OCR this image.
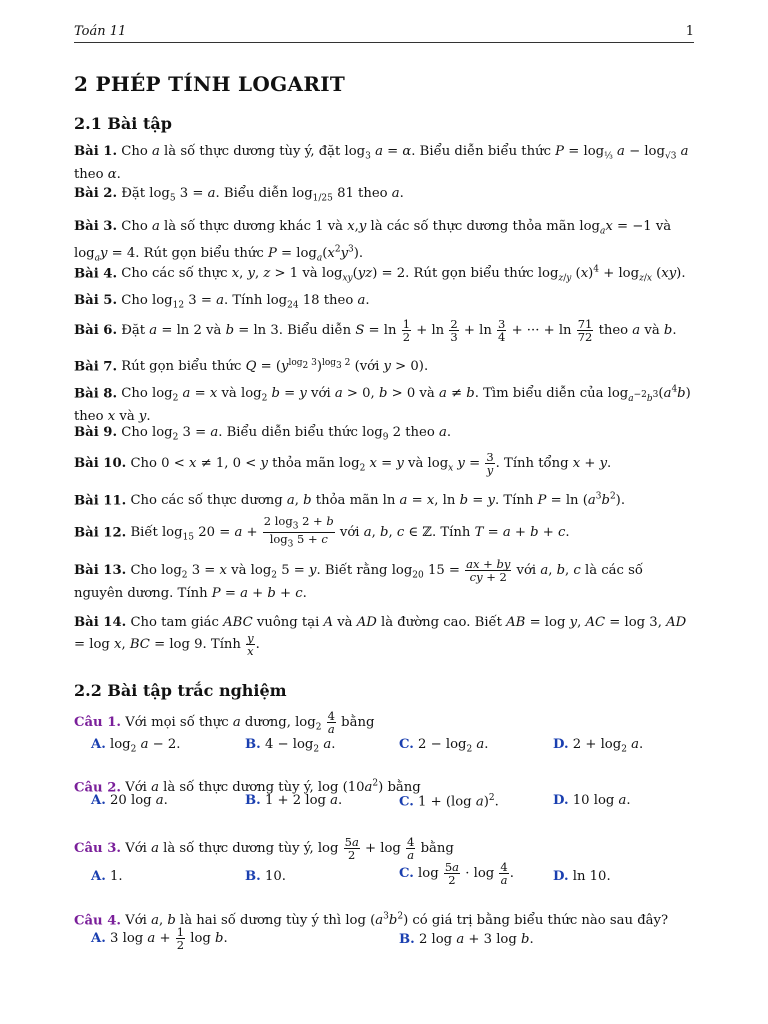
Toán 11	1
2 PHÉP TÍNH LOGARIT
2.1 Bài tập
Bài 1. Cho a là số thực dương tùy ý, đặt $\log_3 a = \alpha$. Biểu diễn biểu thức $P = \log_{\frac{1}{3}} a - \log_{√3} a$ theo α.
Bài 2. Đặt $\log_5 3 = a$. Biểu diễn $\log_{1/25} 81$ theo a.
Bài 3. Cho a là số thực dương khác 1 và x,y là các số thực dương thỏa mãn $\log_ax = -1$ và $\log_ay = 4$. Rút gọn biểu thức $P = \log_a(x^2y^3)$.
Bài 4. Cho các số thực x, y, z > 1 và $\log_{xy}(yz) = 2$. Rút gọn biểu thức $\log_{z/y} (x)^4 + \log_{z/x} (xy)$.
Bài 5. Cho $\log_{12} 3 = a$. Tính $\log_{24} 18$ theo a.
Bài 6. Đặt a = ln 2 và b = ln 3. Biểu diễn $S = \ln \frac{1}{2} + \ln \frac{2}{3} + \ln \frac{3}{4}$ + ··· + $\ln \frac{71}{72}$ theo a và b.
Bài 7. Rút gọn biểu thức $Q = (y^{log_2 3})^{log_3 2}$ (với y > 0).
Bài 8. Cho $\log_2 a = x$ và $\log_2 b = y$ với a > 0, b > 0 và a ≠ b. Tìm biểu diễn của $\log_{a^{-2}b^3}(a^4b)$ theo x và y.
Bài 9. Cho $\log_2 3 = a$. Biểu diễn biểu thức $\log_9 2$ theo a.
Bài 10. Cho 0 < x ≠ 1, 0 < y thỏa mãn $\log_2 x = y$ và $\log_x y = \frac{3}{y}$ . Tính tổng x + y.
Bài 11. Cho các số thực dương a, b thỏa mãn ln a = x, ln b = y. Tính $P = \ln (a^3b^2)$.
Bài 12. Biết $\log_{15} 20 = a + \frac{2 \log_3 2 + b}{\log_3 5 + c}$ với a, b, c ∈ ℤ. Tính T = a + b + c.
Bài 13. Cho $\log_2 3 = x$ và $\log_2 5 = y$. Biết rằng $\log_{20} 15 = \frac{ax + by}{cy + 2}$ với a, b, c là các số nguyên dương. Tính P = a + b + c.
Bài 14. Cho tam giác ABC vuông tại A và AD là đường cao. Biết AB = log y, AC = log 3, AD = log x, BC = log 9. Tính $\frac{y}{x}$ .
2.2 Bài tập trắc nghiệm
Câu 1. Với mọi số thực a dương, $\log_2 \frac{4}{a}$ bằng
A. $\log_2 a - 2$.	B. $4 - \log_2 a$.	C. $2 - \log_2 a$.	D. $2 + \log_2 a$.
Câu 2. Với a là số thực dương tùy ý, $\log (10a^2)$ bằng
A. 20 log a.	B. 1 + 2 log a.	C. 1 + (log a)$^2$.	D. 10 log a.
Câu 3. Với a là số thực dương tùy ý, $\log \frac{5a}{2} + \log \frac{4}{a}$ bằng
A. 1.	B. 10.	C. $\log \frac{5a}{2} \cdot \log \frac{4}{a}$ .	D. ln 10.
Câu 4. Với a, b là hai số dương tùy ý thì $\log (a^3b^2)$ có giá trị bằng biểu thức nào sau đây?
A. 3 $\log a + \frac{1}{2}$ log b.	B. 2 log a + 3 log b.
